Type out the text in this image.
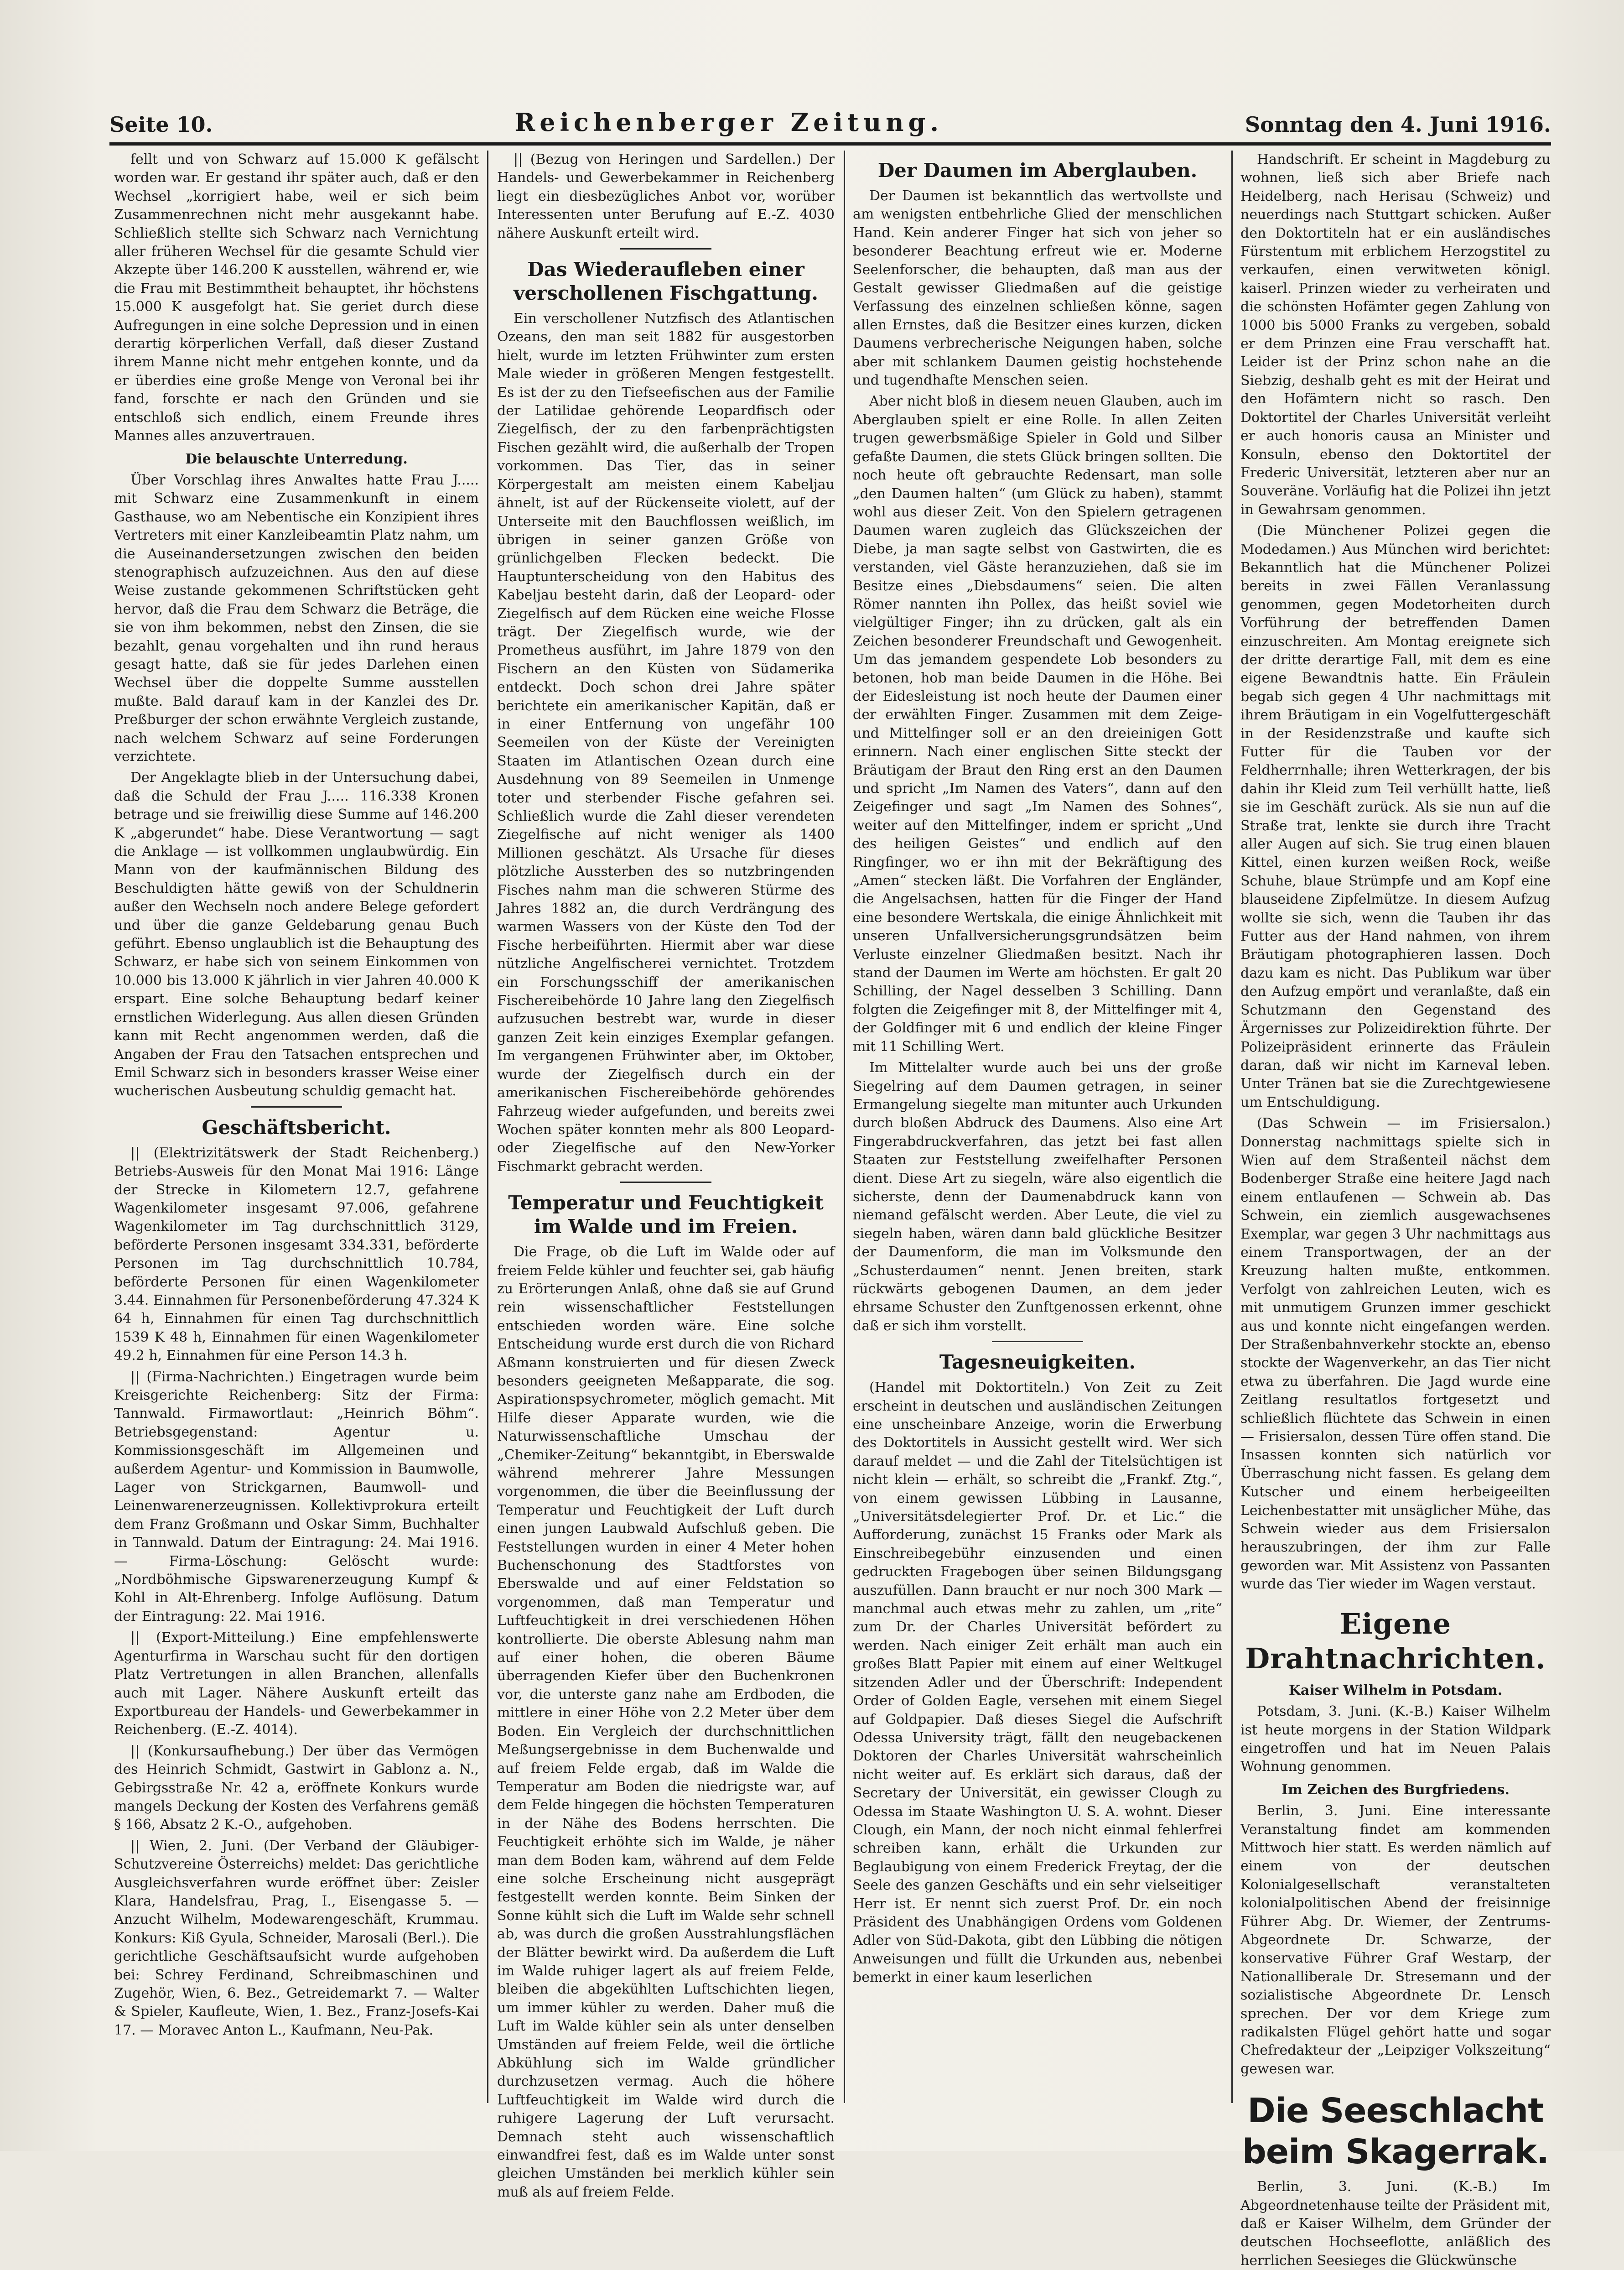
Seite 10.	Reichenberger Zeitung.	Sonntag den 4. Juni 1916.

fellt und von Schwarz auf 15.000 K gefälscht worden war. Er gestand ihr später auch, daß er den Wechsel „korrigiert habe, weil er sich beim Zusammenrechnen nicht mehr ausgekannt habe. Schließlich stellte sich Schwarz nach Vernichtung aller früheren Wechsel für die gesamte Schuld vier Akzepte über 146.200 K ausstellen, während er, wie die Frau mit Bestimmtheit behauptet, ihr höchstens 15.000 K ausgefolgt hat. Sie geriet durch diese Aufregungen in eine solche Depression und in einen derartig körperlichen Verfall, daß dieser Zustand ihrem Manne nicht mehr entgehen konnte, und da er überdies eine große Menge von Veronal bei ihr fand, forschte er nach den Gründen und sie entschloß sich endlich, einem Freunde ihres Mannes alles anzuvertrauen.

Die belauschte Unterredung.

Über Vorschlag ihres Anwaltes hatte Frau J..... mit Schwarz eine Zusammenkunft in einem Gasthause, wo am Nebentische ein Konzipient ihres Vertreters mit einer Kanzleibeamtin Platz nahm, um die Auseinandersetzungen zwischen den beiden stenographisch aufzuzeichnen. Aus den auf diese Weise zustande gekommenen Schriftstücken geht hervor, daß die Frau dem Schwarz die Beträge, die sie von ihm bekommen, nebst den Zinsen, die sie bezahlt, genau vorgehalten und ihn rund heraus gesagt hatte, daß sie für jedes Darlehen einen Wechsel über die doppelte Summe ausstellen mußte. Bald darauf kam in der Kanzlei des Dr. Preßburger der schon erwähnte Vergleich zustande, nach welchem Schwarz auf seine Forderungen verzichtete.

Der Angeklagte blieb in der Untersuchung dabei, daß die Schuld der Frau J..... 116.338 Kronen betrage und sie freiwillig diese Summe auf 146.200 K „abgerundet“ habe. Diese Verantwortung — sagt die Anklage — ist vollkommen unglaubwürdig. Ein Mann von der kaufmännischen Bildung des Beschuldigten hätte gewiß von der Schuldnerin außer den Wechseln noch andere Belege gefordert und über die ganze Geldebarung genau Buch geführt. Ebenso unglaublich ist die Behauptung des Schwarz, er habe sich von seinem Einkommen von 10.000 bis 13.000 K jährlich in vier Jahren 40.000 K erspart. Eine solche Behauptung bedarf keiner ernstlichen Widerlegung. Aus allen diesen Gründen kann mit Recht angenommen werden, daß die Angaben der Frau den Tatsachen entsprechen und Emil Schwarz sich in besonders krasser Weise einer wucherischen Ausbeutung schuldig gemacht hat.

Geschäftsbericht.

|| (Elektrizitätswerk der Stadt Reichenberg.) Betriebs-Ausweis für den Monat Mai 1916: Länge der Strecke in Kilometern 12.7, gefahrene Wagenkilometer insgesamt 97.006, gefahrene Wagenkilometer im Tag durchschnittlich 3129, beförderte Personen insgesamt 334.331, beförderte Personen im Tag durchschnittlich 10.784, beförderte Personen für einen Wagenkilometer 3.44. Einnahmen für Personenbeförderung 47.324 K 64 h, Einnahmen für einen Tag durchschnittlich 1539 K 48 h, Einnahmen für einen Wagenkilometer 49.2 h, Einnahmen für eine Person 14.3 h.

|| (Firma-Nachrichten.) Eingetragen wurde beim Kreisgerichte Reichenberg: Sitz der Firma: Tannwald. Firmawortlaut: „Heinrich Böhm“. Betriebsgegenstand: Agentur u. Kommissionsgeschäft im Allgemeinen und außerdem Agentur- und Kommission in Baumwolle, Lager von Strickgarnen, Baumwoll- und Leinenwarenerzeugnissen. Kollektivprokura erteilt dem Franz Großmann und Oskar Simm, Buchhalter in Tannwald. Datum der Eintragung: 24. Mai 1916. — Firma-Löschung: Gelöscht wurde: „Nordböhmische Gipswarenerzeugung Kumpf & Kohl in Alt-Ehrenberg. Infolge Auflösung. Datum der Eintragung: 22. Mai 1916.

|| (Export-Mitteilung.) Eine empfehlenswerte Agenturfirma in Warschau sucht für den dortigen Platz Vertretungen in allen Branchen, allenfalls auch mit Lager. Nähere Auskunft erteilt das Exportbureau der Handels- und Gewerbekammer in Reichenberg. (E.-Z. 4014).

|| (Konkursaufhebung.) Der über das Vermögen des Heinrich Schmidt, Gastwirt in Gablonz a. N., Gebirgsstraße Nr. 42 a, eröffnete Konkurs wurde mangels Deckung der Kosten des Verfahrens gemäß § 166, Absatz 2 K.-O., aufgehoben.

|| Wien, 2. Juni. (Der Verband der Gläubiger-Schutzvereine Österreichs) meldet: Das gerichtliche Ausgleichsverfahren wurde eröffnet über: Zeisler Klara, Handelsfrau, Prag, I., Eisengasse 5. — Anzucht Wilhelm, Modewarengeschäft, Krummau. Konkurs: Kiß Gyula, Schneider, Marosali (Berl.). Die gerichtliche Geschäftsaufsicht wurde aufgehoben bei: Schrey Ferdinand, Schreibmaschinen und Zugehör, Wien, 6. Bez., Getreidemarkt 7. — Walter & Spieler, Kaufleute, Wien, 1. Bez., Franz-Josefs-Kai 17. — Moravec Anton L., Kaufmann, Neu-Pak.

|| (Bezug von Heringen und Sardellen.) Der Handels- und Gewerbekammer in Reichenberg liegt ein diesbezügliches Anbot vor, worüber Interessenten unter Berufung auf E.-Z. 4030 nähere Auskunft erteilt wird.

Das Wiederaufleben einer verschollenen Fischgattung.

Ein verschollener Nutzfisch des Atlantischen Ozeans, den man seit 1882 für ausgestorben hielt, wurde im letzten Frühwinter zum ersten Male wieder in größeren Mengen festgestellt. Es ist der zu den Tiefseefischen aus der Familie der Latilidae gehörende Leopardfisch oder Ziegelfisch, der zu den farbenprächtigsten Fischen gezählt wird, die außerhalb der Tropen vorkommen. Das Tier, das in seiner Körpergestalt am meisten einem Kabeljau ähnelt, ist auf der Rückenseite violett, auf der Unterseite mit den Bauchflossen weißlich, im übrigen in seiner ganzen Größe von grünlichgelben Flecken bedeckt. Die Hauptunterscheidung von den Habitus des Kabeljau besteht darin, daß der Leopard- oder Ziegelfisch auf dem Rücken eine weiche Flosse trägt. Der Ziegelfisch wurde, wie der Prometheus ausführt, im Jahre 1879 von den Fischern an den Küsten von Südamerika entdeckt. Doch schon drei Jahre später berichtete ein amerikanischer Kapitän, daß er in einer Entfernung von ungefähr 100 Seemeilen von der Küste der Vereinigten Staaten im Atlantischen Ozean durch eine Ausdehnung von 89 Seemeilen in Unmenge toter und sterbender Fische gefahren sei. Schließlich wurde die Zahl dieser verendeten Ziegelfische auf nicht weniger als 1400 Millionen geschätzt. Als Ursache für dieses plötzliche Aussterben des so nutzbringenden Fisches nahm man die schweren Stürme des Jahres 1882 an, die durch Verdrängung des warmen Wassers von der Küste den Tod der Fische herbeiführten. Hiermit aber war diese nützliche Angelfischerei vernichtet. Trotzdem ein Forschungsschiff der amerikanischen Fischereibehörde 10 Jahre lang den Ziegelfisch aufzusuchen bestrebt war, wurde in dieser ganzen Zeit kein einziges Exemplar gefangen. Im vergangenen Frühwinter aber, im Oktober, wurde der Ziegelfisch durch ein der amerikanischen Fischereibehörde gehörendes Fahrzeug wieder aufgefunden, und bereits zwei Wochen später konnten mehr als 800 Leopard- oder Ziegelfische auf den New-Yorker Fischmarkt gebracht werden.

Temperatur und Feuchtigkeit im Walde und im Freien.

Die Frage, ob die Luft im Walde oder auf freiem Felde kühler und feuchter sei, gab häufig zu Erörterungen Anlaß, ohne daß sie auf Grund rein wissenschaftlicher Feststellungen entschieden worden wäre. Eine solche Entscheidung wurde erst durch die von Richard Aßmann konstruierten und für diesen Zweck besonders geeigneten Meßapparate, die sog. Aspirationspsychrometer, möglich gemacht. Mit Hilfe dieser Apparate wurden, wie die Naturwissenschaftliche Umschau der „Chemiker-Zeitung“ bekanntgibt, in Eberswalde während mehrerer Jahre Messungen vorgenommen, die über die Beeinflussung der Temperatur und Feuchtigkeit der Luft durch einen jungen Laubwald Aufschluß geben. Die Feststellungen wurden in einer 4 Meter hohen Buchenschonung des Stadtforstes von Eberswalde und auf einer Feldstation so vorgenommen, daß man Temperatur und Luftfeuchtigkeit in drei verschiedenen Höhen kontrollierte. Die oberste Ablesung nahm man auf einer hohen, die oberen Bäume überragenden Kiefer über den Buchenkronen vor, die unterste ganz nahe am Erdboden, die mittlere in einer Höhe von 2.2 Meter über dem Boden. Ein Vergleich der durchschnittlichen Meßungsergebnisse in dem Buchenwalde und auf freiem Felde ergab, daß im Walde die Temperatur am Boden die niedrigste war, auf dem Felde hingegen die höchsten Temperaturen in der Nähe des Bodens herrschten. Die Feuchtigkeit erhöhte sich im Walde, je näher man dem Boden kam, während auf dem Felde eine solche Erscheinung nicht ausgeprägt festgestellt werden konnte. Beim Sinken der Sonne kühlt sich die Luft im Walde sehr schnell ab, was durch die großen Ausstrahlungsflächen der Blätter bewirkt wird. Da außerdem die Luft im Walde ruhiger lagert als auf freiem Felde, bleiben die abgekühlten Luftschichten liegen, um immer kühler zu werden. Daher muß die Luft im Walde kühler sein als unter denselben Umständen auf freiem Felde, weil die örtliche Abkühlung sich im Walde gründlicher durchzusetzen vermag. Auch die höhere Luftfeuchtigkeit im Walde wird durch die ruhigere Lagerung der Luft verursacht. Demnach steht auch wissenschaftlich einwandfrei fest, daß es im Walde unter sonst gleichen Umständen bei merklich kühler sein muß als auf freiem Felde.

Der Daumen im Aberglauben.

Der Daumen ist bekanntlich das wertvollste und am wenigsten entbehrliche Glied der menschlichen Hand. Kein anderer Finger hat sich von jeher so besonderer Beachtung erfreut wie er. Moderne Seelenforscher, die behaupten, daß man aus der Gestalt gewisser Gliedmaßen auf die geistige Verfassung des einzelnen schließen könne, sagen allen Ernstes, daß die Besitzer eines kurzen, dicken Daumens verbrecherische Neigungen haben, solche aber mit schlankem Daumen geistig hochstehende und tugendhafte Menschen seien.

Aber nicht bloß in diesem neuen Glauben, auch im Aberglauben spielt er eine Rolle. In allen Zeiten trugen gewerbsmäßige Spieler in Gold und Silber gefaßte Daumen, die stets Glück bringen sollten. Die noch heute oft gebrauchte Redensart, man solle „den Daumen halten“ (um Glück zu haben), stammt wohl aus dieser Zeit. Von den Spielern getragenen Daumen waren zugleich das Glückszeichen der Diebe, ja man sagte selbst von Gastwirten, die es verstanden, viel Gäste heranzuziehen, daß sie im Besitze eines „Diebsdaumens“ seien. Die alten Römer nannten ihn Pollex, das heißt soviel wie vielgültiger Finger; ihn zu drücken, galt als ein Zeichen besonderer Freundschaft und Gewogenheit. Um das jemandem gespendete Lob besonders zu betonen, hob man beide Daumen in die Höhe. Bei der Eidesleistung ist noch heute der Daumen einer der erwählten Finger. Zusammen mit dem Zeige- und Mittelfinger soll er an den dreieinigen Gott erinnern. Nach einer englischen Sitte steckt der Bräutigam der Braut den Ring erst an den Daumen und spricht „Im Namen des Vaters“, dann auf den Zeigefinger und sagt „Im Namen des Sohnes“, weiter auf den Mittelfinger, indem er spricht „Und des heiligen Geistes“ und endlich auf den Ringfinger, wo er ihn mit der Bekräftigung des „Amen“ stecken läßt. Die Vorfahren der Engländer, die Angelsachsen, hatten für die Finger der Hand eine besondere Wertskala, die einige Ähnlichkeit mit unseren Unfallversicherungsgrundsätzen beim Verluste einzelner Gliedmaßen besitzt. Nach ihr stand der Daumen im Werte am höchsten. Er galt 20 Schilling, der Nagel desselben 3 Schilling. Dann folgten die Zeigefinger mit 8, der Mittelfinger mit 4, der Goldfinger mit 6 und endlich der kleine Finger mit 11 Schilling Wert.

Im Mittelalter wurde auch bei uns der große Siegelring auf dem Daumen getragen, in seiner Ermangelung siegelte man mitunter auch Urkunden durch bloßen Abdruck des Daumens. Also eine Art Fingerabdruckverfahren, das jetzt bei fast allen Staaten zur Feststellung zweifelhafter Personen dient. Diese Art zu siegeln, wäre also eigentlich die sicherste, denn der Daumenabdruck kann von niemand gefälscht werden. Aber Leute, die viel zu siegeln haben, wären dann bald glückliche Besitzer der Daumenform, die man im Volksmunde den „Schusterdaumen“ nennt. Jenen breiten, stark rückwärts gebogenen Daumen, an dem jeder ehrsame Schuster den Zunftgenossen erkennt, ohne daß er sich ihm vorstellt.

Tagesneuigkeiten.

(Handel mit Doktortiteln.) Von Zeit zu Zeit erscheint in deutschen und ausländischen Zeitungen eine unscheinbare Anzeige, worin die Erwerbung des Doktortitels in Aussicht gestellt wird. Wer sich darauf meldet — und die Zahl der Titelsüchtigen ist nicht klein — erhält, so schreibt die „Frankf. Ztg.“, von einem gewissen Lübbing in Lausanne, „Universitätsdelegierter Prof. Dr. et Lic.“ die Aufforderung, zunächst 15 Franks oder Mark als Einschreibegebühr einzusenden und einen gedruckten Fragebogen über seinen Bildungsgang auszufüllen. Dann braucht er nur noch 300 Mark — manchmal auch etwas mehr zu zahlen, um „rite“ zum Dr. der Charles Universität befördert zu werden. Nach einiger Zeit erhält man auch ein großes Blatt Papier mit einem auf einer Weltkugel sitzenden Adler und der Überschrift: Independent Order of Golden Eagle, versehen mit einem Siegel auf Goldpapier. Daß dieses Siegel die Aufschrift Odessa University trägt, fällt den neugebackenen Doktoren der Charles Universität wahrscheinlich nicht weiter auf. Es erklärt sich daraus, daß der Secretary der Universität, ein gewisser Clough zu Odessa im Staate Washington U. S. A. wohnt. Dieser Clough, ein Mann, der noch nicht einmal fehlerfrei schreiben kann, erhält die Urkunden zur Beglaubigung von einem Frederick Freytag, der die Seele des ganzen Geschäfts und ein sehr vielseitiger Herr ist. Er nennt sich zuerst Prof. Dr. ein noch Präsident des Unabhängigen Ordens vom Goldenen Adler von Süd-Dakota, gibt den Lübbing die nötigen Anweisungen und füllt die Urkunden aus, nebenbei bemerkt in einer kaum leserlichen

Handschrift. Er scheint in Magdeburg zu wohnen, ließ sich aber Briefe nach Heidelberg, nach Herisau (Schweiz) und neuerdings nach Stuttgart schicken. Außer den Doktortiteln hat er ein ausländisches Fürstentum mit erblichem Herzogstitel zu verkaufen, einen verwitweten königl. kaiserl. Prinzen wieder zu verheiraten und die schönsten Hofämter gegen Zahlung von 1000 bis 5000 Franks zu vergeben, sobald er dem Prinzen eine Frau verschafft hat. Leider ist der Prinz schon nahe an die Siebzig, deshalb geht es mit der Heirat und den Hofämtern nicht so rasch. Den Doktortitel der Charles Universität verleiht er auch honoris causa an Minister und Konsuln, ebenso den Doktortitel der Frederic Universität, letzteren aber nur an Souveräne. Vorläufig hat die Polizei ihn jetzt in Gewahrsam genommen.

(Die Münchener Polizei gegen die Modedamen.) Aus München wird berichtet: Bekanntlich hat die Münchener Polizei bereits in zwei Fällen Veranlassung genommen, gegen Modetorheiten durch Vorführung der betreffenden Damen einzuschreiten. Am Montag ereignete sich der dritte derartige Fall, mit dem es eine eigene Bewandtnis hatte. Ein Fräulein begab sich gegen 4 Uhr nachmittags mit ihrem Bräutigam in ein Vogelfuttergeschäft in der Residenzstraße und kaufte sich Futter für die Tauben vor der Feldherrnhalle; ihren Wetterkragen, der bis dahin ihr Kleid zum Teil verhüllt hatte, ließ sie im Geschäft zurück. Als sie nun auf die Straße trat, lenkte sie durch ihre Tracht aller Augen auf sich. Sie trug einen blauen Kittel, einen kurzen weißen Rock, weiße Schuhe, blaue Strümpfe und am Kopf eine blauseidene Zipfelmütze. In diesem Aufzug wollte sie sich, wenn die Tauben ihr das Futter aus der Hand nahmen, von ihrem Bräutigam photographieren lassen. Doch dazu kam es nicht. Das Publikum war über den Aufzug empört und veranlaßte, daß ein Schutzmann den Gegenstand des Ärgernisses zur Polizeidirektion führte. Der Polizeipräsident erinnerte das Fräulein daran, daß wir nicht im Karneval leben. Unter Tränen bat sie die Zurechtgewiesene um Entschuldigung.

(Das Schwein — im Frisiersalon.) Donnerstag nachmittags spielte sich in Wien auf dem Straßenteil nächst dem Bodenberger Straße eine heitere Jagd nach einem entlaufenen — Schwein ab. Das Schwein, ein ziemlich ausgewachsenes Exemplar, war gegen 3 Uhr nachmittags aus einem Transportwagen, der an der Kreuzung halten mußte, entkommen. Verfolgt von zahlreichen Leuten, wich es mit unmutigem Grunzen immer geschickt aus und konnte nicht eingefangen werden. Der Straßenbahnverkehr stockte an, ebenso stockte der Wagenverkehr, an das Tier nicht etwa zu überfahren. Die Jagd wurde eine Zeitlang resultatlos fortgesetzt und schließlich flüchtete das Schwein in einen — Frisiersalon, dessen Türe offen stand. Die Insassen konnten sich natürlich vor Überraschung nicht fassen. Es gelang dem Kutscher und einem herbeigeeilten Leichenbestatter mit unsäglicher Mühe, das Schwein wieder aus dem Frisiersalon herauszubringen, der ihm zur Falle geworden war. Mit Assistenz von Passanten wurde das Tier wieder im Wagen verstaut.

Eigene Drahtnachrichten.
Kaiser Wilhelm in Potsdam.

Potsdam, 3. Juni. (K.-B.) Kaiser Wilhelm ist heute morgens in der Station Wildpark eingetroffen und hat im Neuen Palais Wohnung genommen.

Im Zeichen des Burgfriedens.

Berlin, 3. Juni. Eine interessante Veranstaltung findet am kommenden Mittwoch hier statt. Es werden nämlich auf einem von der deutschen Kolonialgesellschaft veranstalteten kolonialpolitischen Abend der freisinnige Führer Abg. Dr. Wiemer, der Zentrums-Abgeordnete Dr. Schwarze, der konservative Führer Graf Westarp, der Nationalliberale Dr. Stresemann und der sozialistische Abgeordnete Dr. Lensch sprechen. Der vor dem Kriege zum radikalsten Flügel gehört hatte und sogar Chefredakteur der „Leipziger Volkszeitung“ gewesen war.

Die Seeschlacht beim Skagerrak.

Berlin, 3. Juni. (K.-B.) Im Abgeordnetenhause teilte der Präsident mit, daß er Kaiser Wilhelm, dem Gründer der deutschen Hochseeflotte, anläßlich des herrlichen Seesieges die Glückwünsche
